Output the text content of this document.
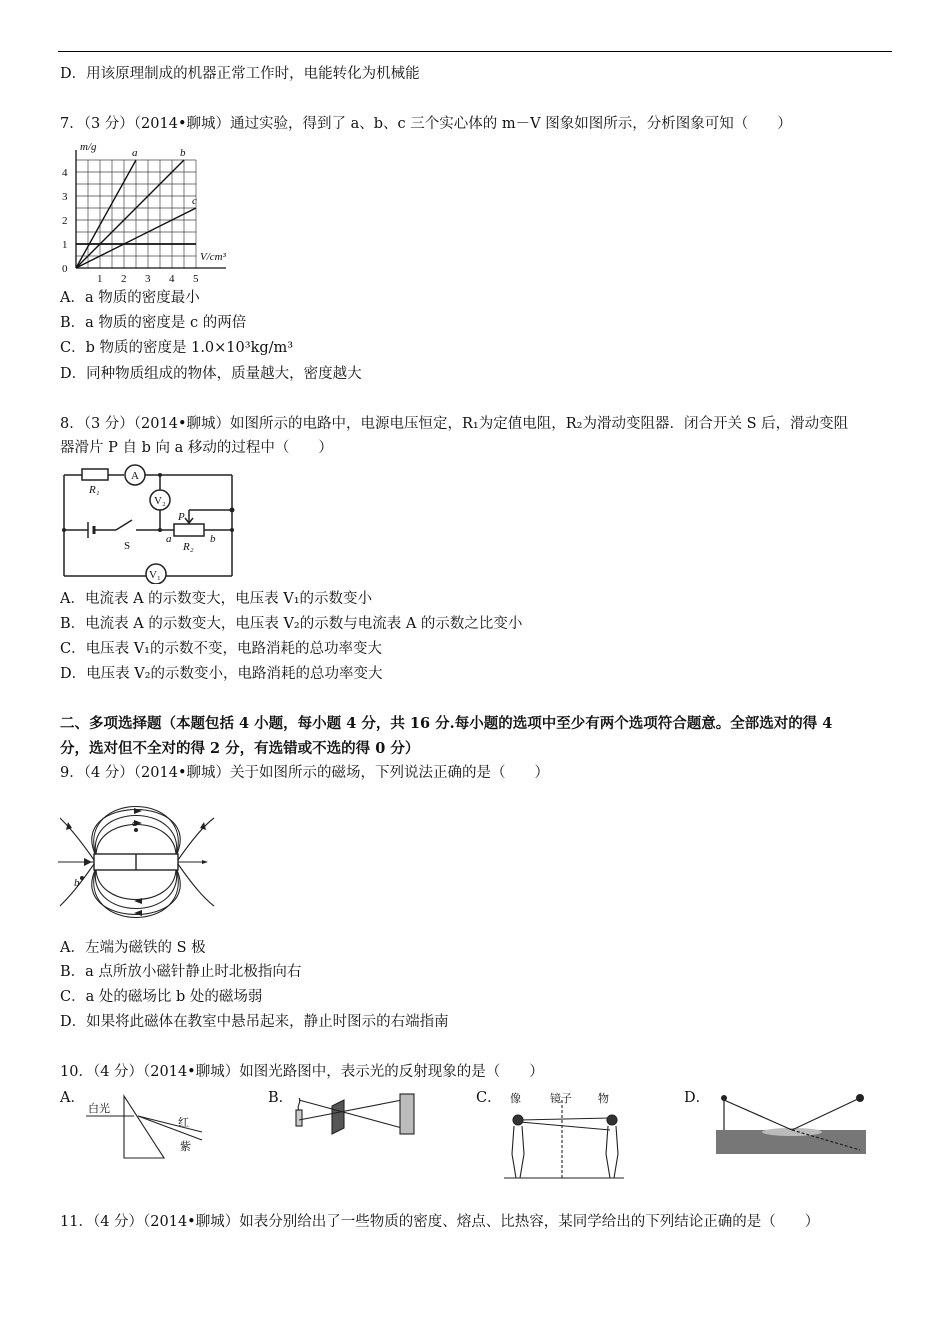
D．用该原理制成的机器正常工作时，电能转化为机械能
7．（3 分）（2014•聊城）通过实验，得到了 a、b、c 三个实心体的 m－V 图象如图所示，分析图象可知（　　）
a	b
c
1 2 3 4 5
1
2
3
4
0
V/cm³
m/g
A．a 物质的密度最小
B．a 物质的密度是 c 的两倍
C．b 物质的密度是 1.0×10³kg/m³
D．同种物质组成的物体，质量越大，密度越大
8．（3 分）（2014•聊城）如图所示的电路中，电源电压恒定，R₁为定值电阻，R₂为滑动变阻器．闭合开关 S 后，滑动变阻
器滑片 P 自 b 向 a 移动的过程中（　　）
R₁
A
V₂
V₁
S
P
a
R₂
b
A．电流表 A 的示数变大，电压表 V₁的示数变小
B．电流表 A 的示数变大，电压表 V₂的示数与电流表 A 的示数之比变小
C．电压表 V₁的示数不变，电路消耗的总功率变大
D．电压表 V₂的示数变小，电路消耗的总功率变大
二、多项选择题（本题包括 4 小题，每小题 4 分，共 16 分.每小题的选项中至少有两个选项符合题意。全部选对的得 4
分，选对但不全对的得 2 分，有选错或不选的得 0 分）
9．（4 分）（2014•聊城）关于如图所示的磁场，下列说法正确的是（　　）
a
b
A．左端为磁铁的 S 极
B．a 点所放小磁针静止时北极指向右
C．a 处的磁场比 b 处的磁场弱
D．如果将此磁体在教室中悬吊起来，静止时图示的右端指南
10．（4 分）（2014•聊城）如图光路图中，表示光的反射现象的是（　　）
A．	B．	C．	D．
白光
红
紫
像	镜子 物
11．（4 分）（2014•聊城）如表分别给出了一些物质的密度、熔点、比热容，某同学给出的下列结论正确的是（　　）
